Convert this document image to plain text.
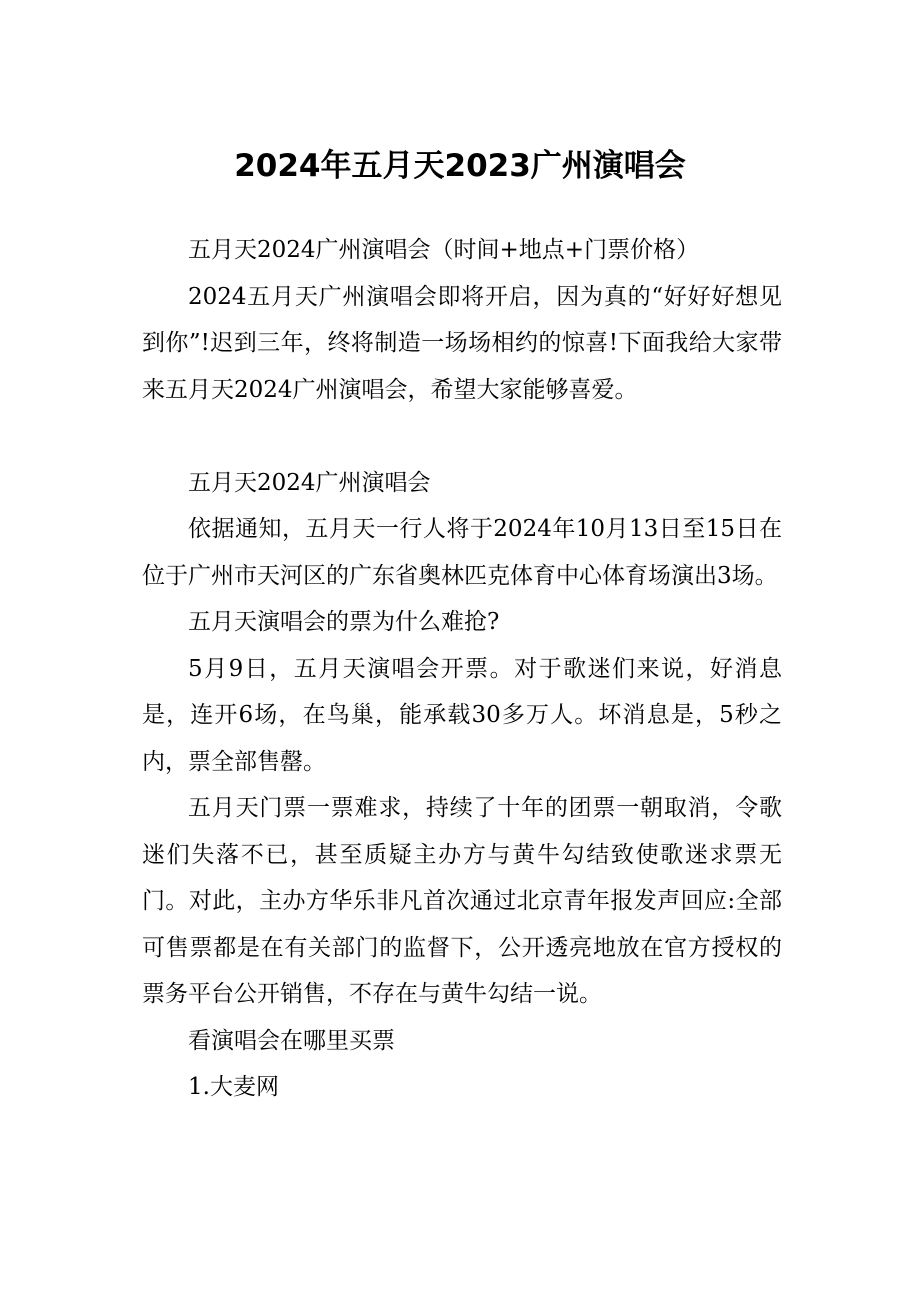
2024年五月天2023广州演唱会

五月天2024广州演唱会（时间+地点+门票价格）

2024五月天广州演唱会即将开启，因为真的“好好好想见到你”!迟到三年，终将制造一场场相约的惊喜!下面我给大家带来五月天2024广州演唱会，希望大家能够喜爱。

五月天2024广州演唱会

依据通知，五月天一行人将于2024年10月13日至15日在位于广州市天河区的广东省奥林匹克体育中心体育场演出3场。

五月天演唱会的票为什么难抢?

5月9日，五月天演唱会开票。对于歌迷们来说，好消息是，连开6场，在鸟巢，能承载30多万人。坏消息是，5秒之内，票全部售罄。

五月天门票一票难求，持续了十年的团票一朝取消，令歌迷们失落不已，甚至质疑主办方与黄牛勾结致使歌迷求票无门。对此，主办方华乐非凡首次通过北京青年报发声回应:全部可售票都是在有关部门的监督下，公开透亮地放在官方授权的票务平台公开销售，不存在与黄牛勾结一说。

看演唱会在哪里买票

1.大麦网
